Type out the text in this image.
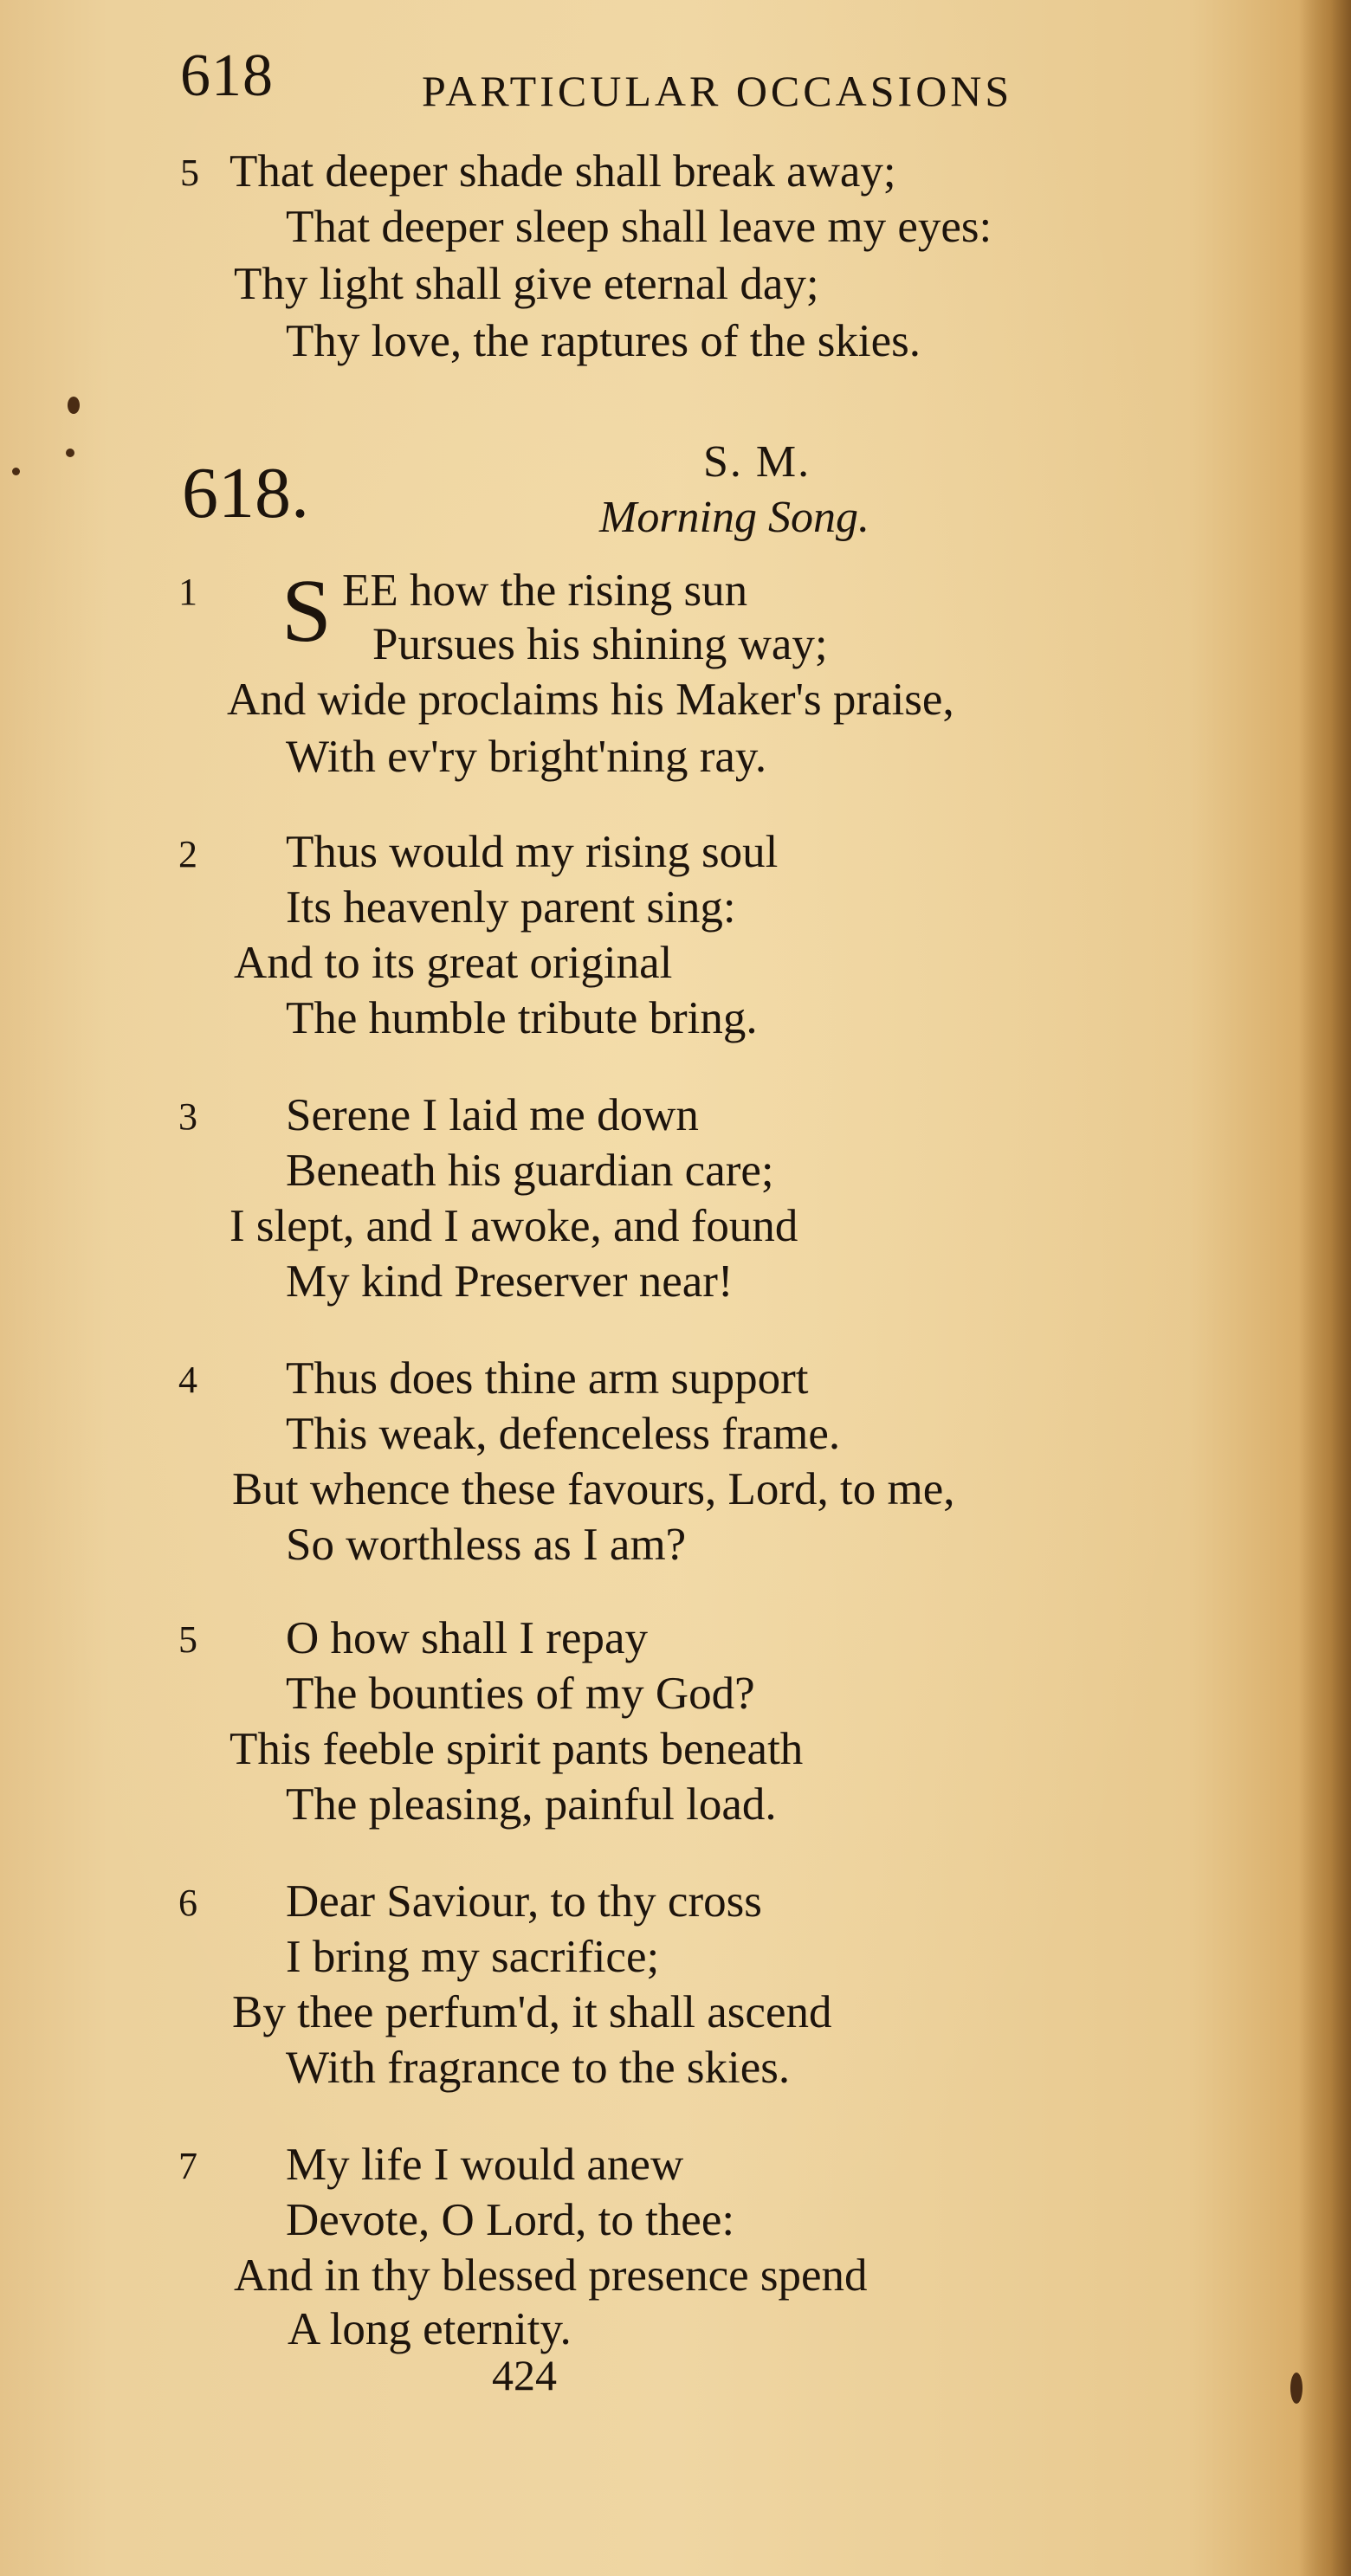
618	PARTICULAR OCCASIONS
5 That deeper shade shall break away;
That deeper sleep shall leave my eyes:
Thy light shall give eternal day;
Thy love, the raptures of the skies.
618.	S. M.
Morning Song.
1 S EE how the rising sun
Pursues his shining way;
And wide proclaims his Maker's praise,
With ev'ry bright'ning ray.
2 Thus would my rising soul
Its heavenly parent sing:
And to its great original
The humble tribute bring.
3 Serene I laid me down
Beneath his guardian care;
I slept, and I awoke, and found
My kind Preserver near!
4 Thus does thine arm support
This weak, defenceless frame.
But whence these favours, Lord, to me,
So worthless as I am?
5 O how shall I repay
The bounties of my God?
This feeble spirit pants beneath
The pleasing, painful load.
6 Dear Saviour, to thy cross
I bring my sacrifice;
By thee perfum'd, it shall ascend
With fragrance to the skies.
7 My life I would anew
Devote, O Lord, to thee:
And in thy blessed presence spend
A long eternity.
424
